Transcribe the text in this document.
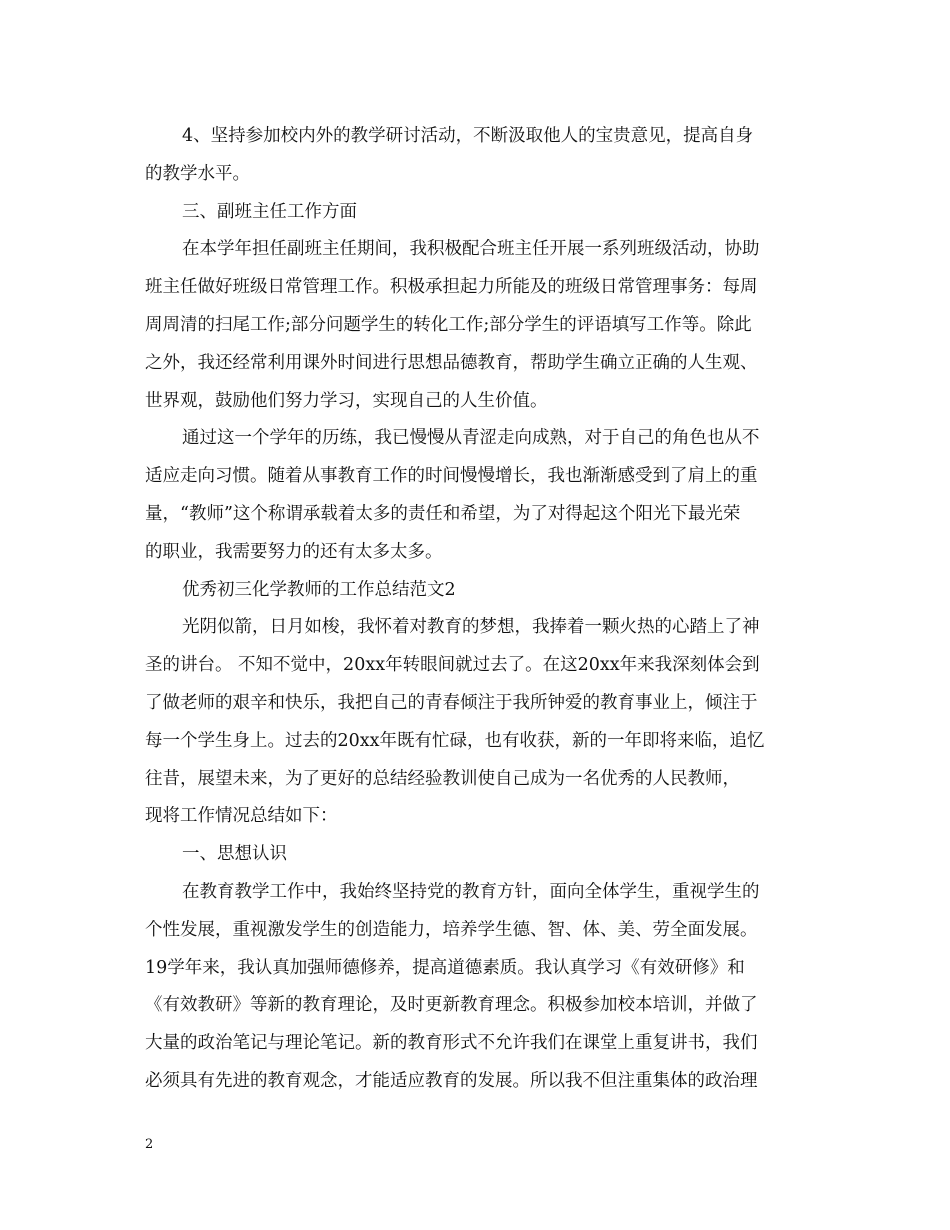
4、坚持参加校内外的教学研讨活动，不断汲取他人的宝贵意见，提高自身
的教学水平。
三、副班主任工作方面
在本学年担任副班主任期间，我积极配合班主任开展一系列班级活动，协助
班主任做好班级日常管理工作。积极承担起力所能及的班级日常管理事务：每周
周周清的扫尾工作;部分问题学生的转化工作;部分学生的评语填写工作等。除此
之外，我还经常利用课外时间进行思想品德教育，帮助学生确立正确的人生观、
世界观，鼓励他们努力学习，实现自己的人生价值。
通过这一个学年的历练，我已慢慢从青涩走向成熟，对于自己的角色也从不
适应走向习惯。随着从事教育工作的时间慢慢增长，我也渐渐感受到了肩上的重
量，“教师”这个称谓承载着太多的责任和希望，为了对得起这个阳光下最光荣
的职业，我需要努力的还有太多太多。
优秀初三化学教师的工作总结范文2
光阴似箭，日月如梭，我怀着对教育的梦想，我捧着一颗火热的心踏上了神
圣的讲台。 不知不觉中，20xx年转眼间就过去了。在这20xx年来我深刻体会到
了做老师的艰辛和快乐，我把自己的青春倾注于我所钟爱的教育事业上，倾注于
每一个学生身上。过去的20xx年既有忙碌，也有收获，新的一年即将来临，追忆
往昔，展望未来，为了更好的总结经验教训使自己成为一名优秀的人民教师，
现将工作情况总结如下：
一、思想认识
在教育教学工作中，我始终坚持党的教育方针，面向全体学生，重视学生的
个性发展，重视激发学生的创造能力，培养学生德、智、体、美、劳全面发展。
19学年来，我认真加强师德修养，提高道德素质。我认真学习《有效研修》和
《有效教研》等新的教育理论，及时更新教育理念。积极参加校本培训，并做了
大量的政治笔记与理论笔记。新的教育形式不允许我们在课堂上重复讲书，我们
必须具有先进的教育观念，才能适应教育的发展。所以我不但注重集体的政治理
2
